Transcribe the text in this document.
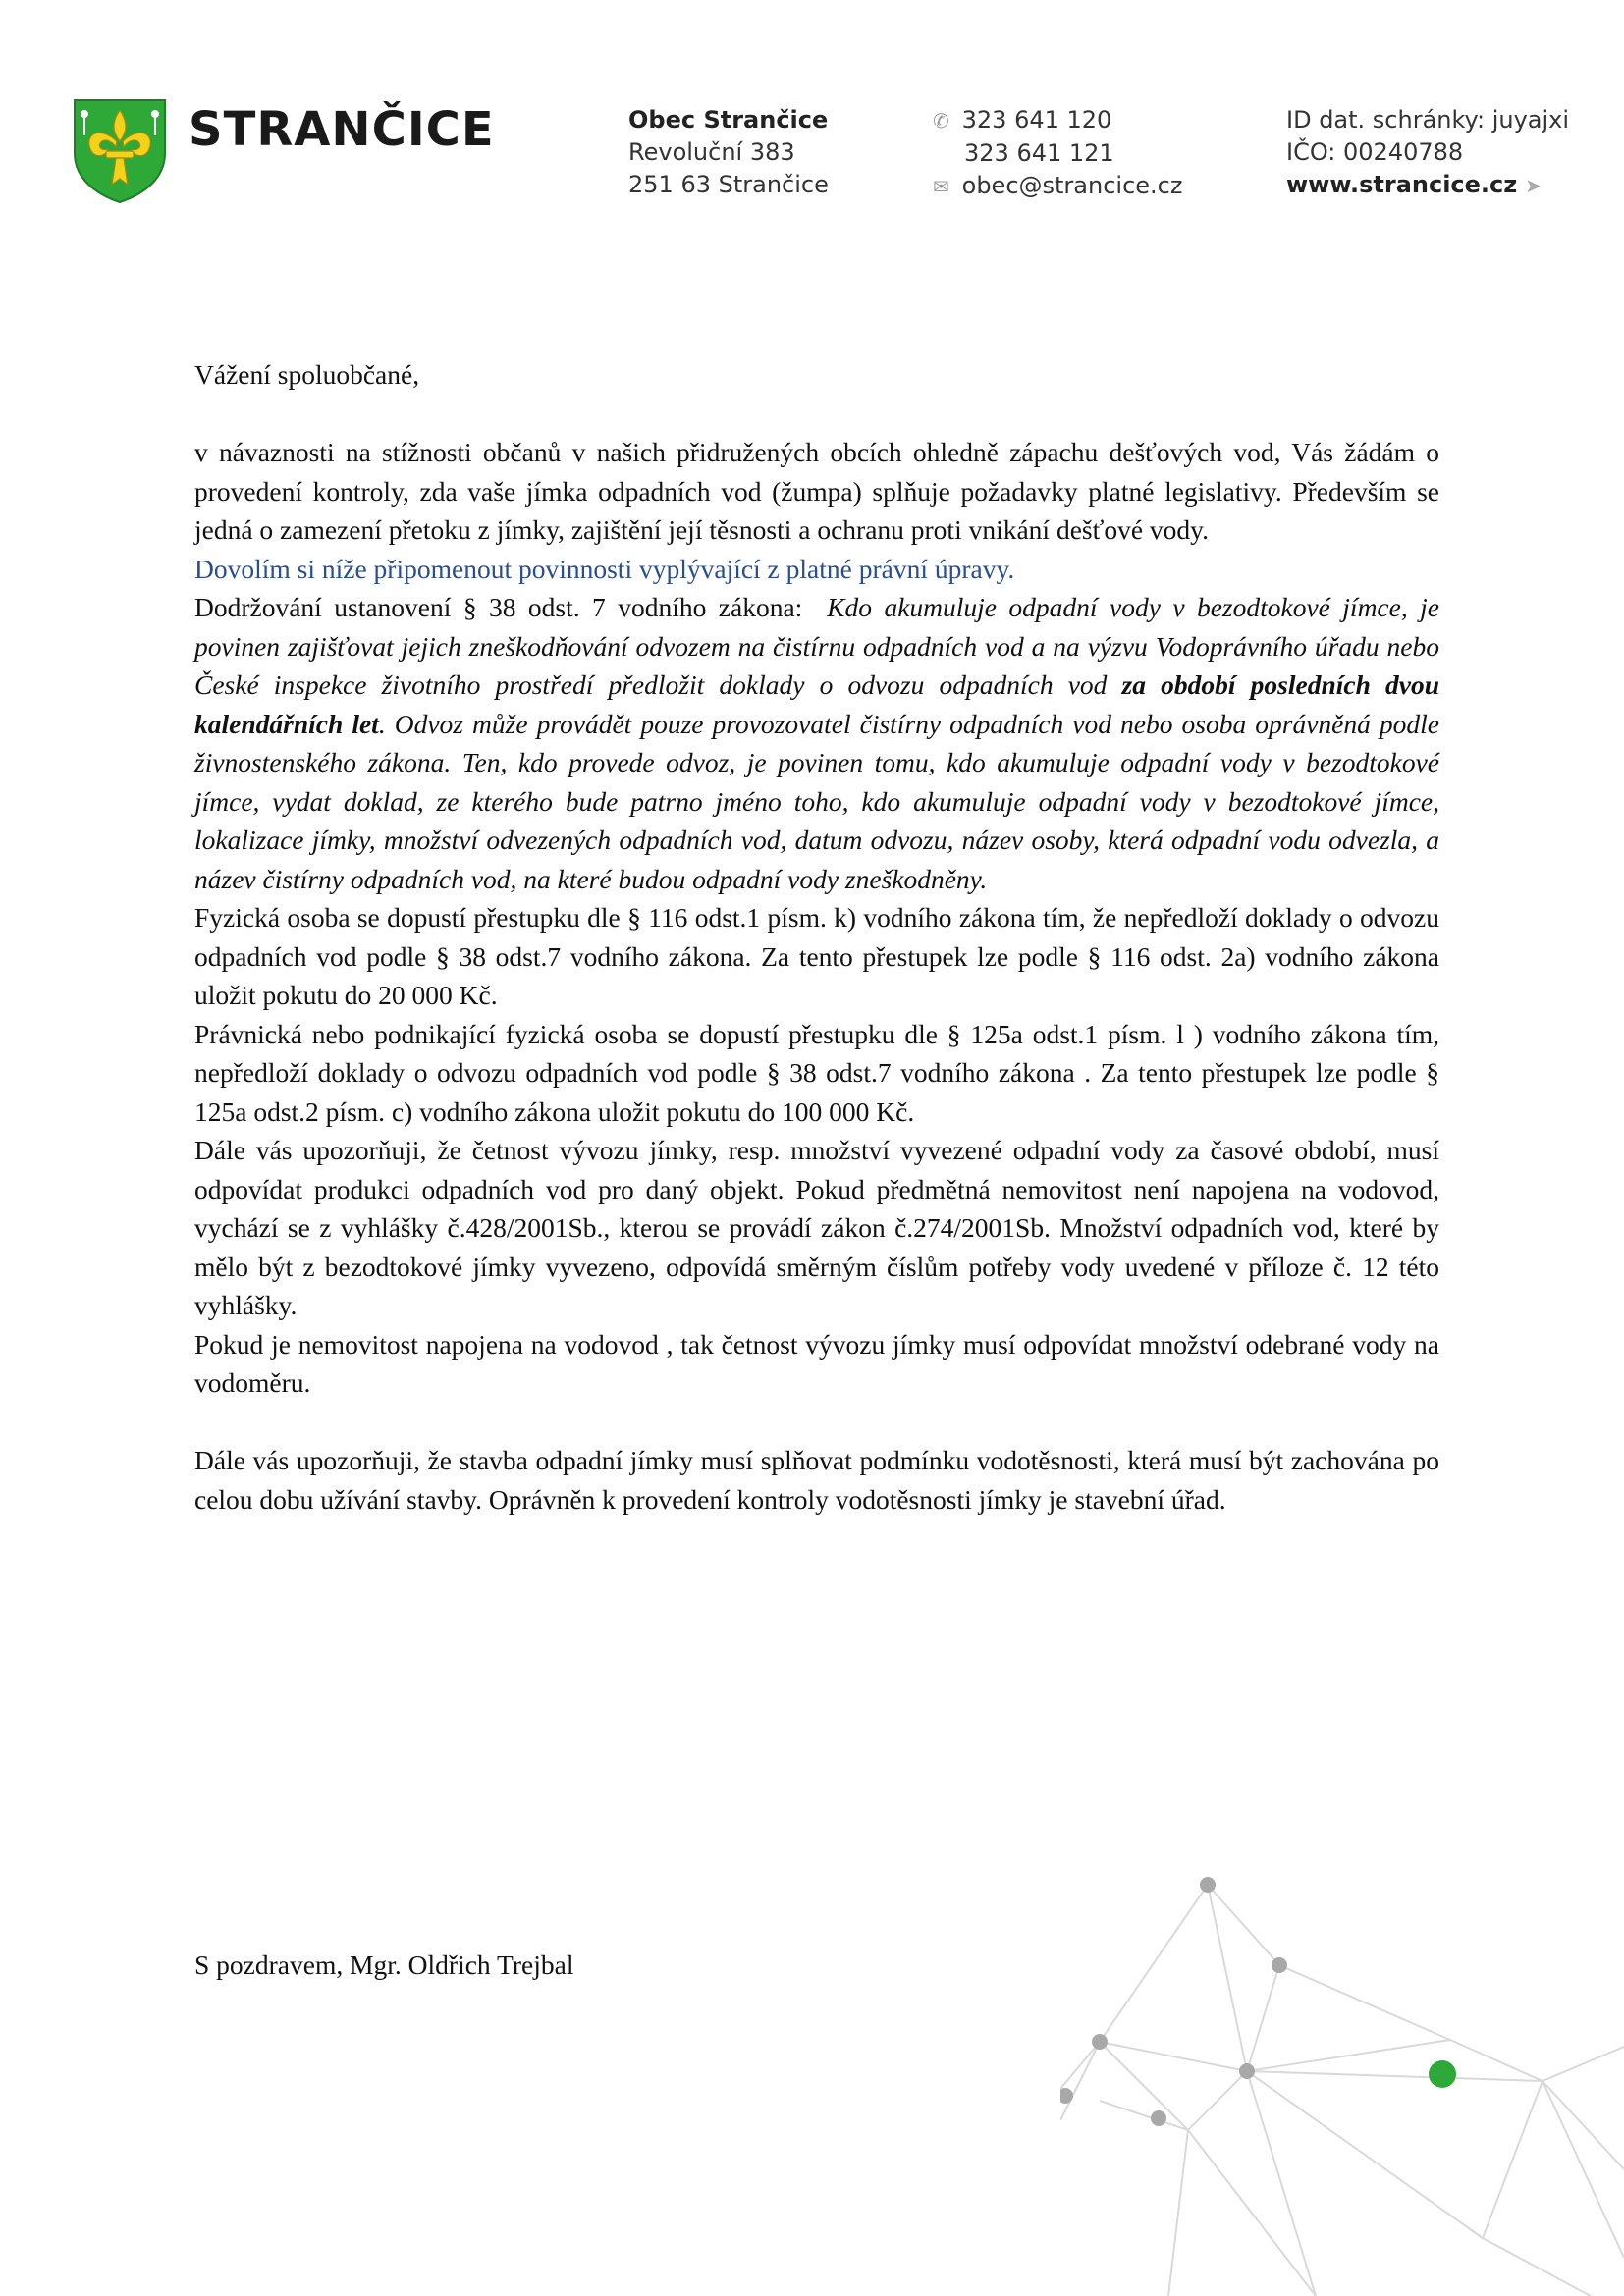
STRANČICE	Obec Strančice
Revoluční 383
251 63 Strančice
✆ 323 641 120
323 641 121
✉ obec@strancice.cz
ID dat. schránky: juyajxi
IČO: 00240788
www.strancice.cz ➤

Vážení spoluobčané,

v návaznosti na stížnosti občanů v našich přidružených obcích ohledně zápachu dešťových vod, Vás žádám o provedení kontroly, zda vaše jímka odpadních vod (žumpa) splňuje požadavky platné legislativy. Především se jedná o zamezení přetoku z jímky, zajištění její těsnosti a ochranu proti vnikání dešťové vody.

Dovolím si níže připomenout povinnosti vyplývající z platné právní úpravy.

Dodržování ustanovení § 38 odst. 7 vodního zákona: Kdo akumuluje odpadní vody v bezodtokové jímce, je povinen zajišťovat jejich zneškodňování odvozem na čistírnu odpadních vod a na výzvu Vodoprávního úřadu nebo České inspekce životního prostředí předložit doklady o odvozu odpadních vod za období posledních dvou kalendářních let. Odvoz může provádět pouze provozovatel čistírny odpadních vod nebo osoba oprávněná podle živnostenského zákona. Ten, kdo provede odvoz, je povinen tomu, kdo akumuluje odpadní vody v bezodtokové jímce, vydat doklad, ze kterého bude patrno jméno toho, kdo akumuluje odpadní vody v bezodtokové jímce, lokalizace jímky, množství odvezených odpadních vod, datum odvozu, název osoby, která odpadní vodu odvezla, a název čistírny odpadních vod, na které budou odpadní vody zneškodněny.

Fyzická osoba se dopustí přestupku dle § 116 odst.1 písm. k) vodního zákona tím, že nepředloží doklady o odvozu odpadních vod podle § 38 odst.7 vodního zákona. Za tento přestupek lze podle § 116 odst. 2a) vodního zákona uložit pokutu do 20 000 Kč.

Právnická nebo podnikající fyzická osoba se dopustí přestupku dle § 125a odst.1 písm. l ) vodního zákona tím, nepředloží doklady o odvozu odpadních vod podle § 38 odst.7 vodního zákona . Za tento přestupek lze podle § 125a odst.2 písm. c) vodního zákona uložit pokutu do 100 000 Kč.

Dále vás upozorňuji, že četnost vývozu jímky, resp. množství vyvezené odpadní vody za časové období, musí odpovídat produkci odpadních vod pro daný objekt. Pokud předmětná nemovitost není napojena na vodovod, vychází se z vyhlášky č.428/2001Sb., kterou se provádí zákon č.274/2001Sb. Množství odpadních vod, které by mělo být z bezodtokové jímky vyvezeno, odpovídá směrným číslům potřeby vody uvedené v příloze č. 12 této vyhlášky.

Pokud je nemovitost napojena na vodovod , tak četnost vývozu jímky musí odpovídat množství odebrané vody na vodoměru.

Dále vás upozorňuji, že stavba odpadní jímky musí splňovat podmínku vodotěsnosti, která musí být zachována po celou dobu užívání stavby. Oprávněn k provedení kontroly vodotěsnosti jímky je stavební úřad.

S pozdravem, Mgr. Oldřich Trejbal
